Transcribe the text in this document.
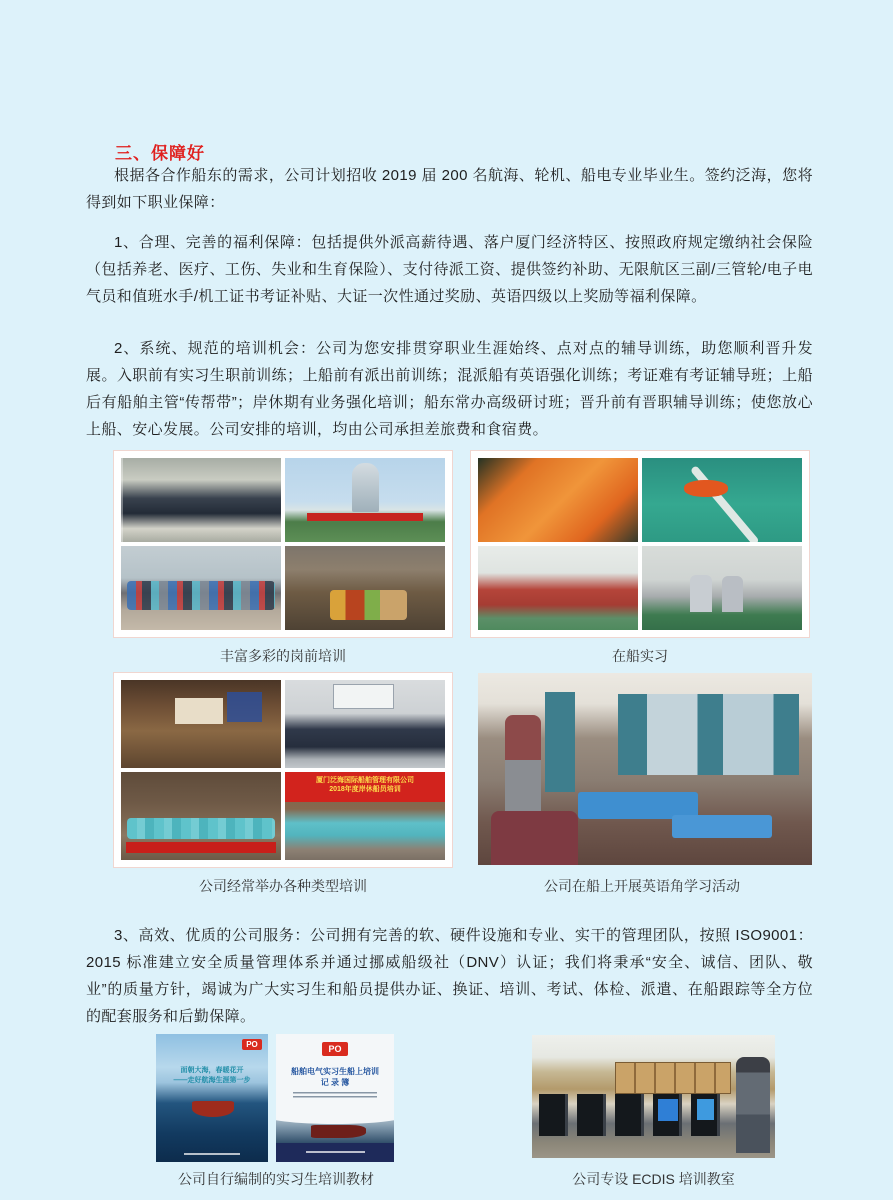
三、保障好

根据各合作船东的需求，公司计划招收 2019 届 200 名航海、轮机、船电专业毕业生。签约泛海，您将得到如下职业保障：

1、合理、完善的福利保障：包括提供外派高薪待遇、落户厦门经济特区、按照政府规定缴纳社会保险（包括养老、医疗、工伤、失业和生育保险）、支付待派工资、提供签约补助、无限航区三副/三管轮/电子电气员和值班水手/机工证书考证补贴、大证一次性通过奖励、英语四级以上奖励等福利保障。

2、系统、规范的培训机会：公司为您安排贯穿职业生涯始终、点对点的辅导训练，助您顺利晋升发展。入职前有实习生职前训练；上船前有派出前训练；混派船有英语强化训练；考证难有考证辅导班；上船后有船舶主管“传帮带”；岸休期有业务强化培训；船东常办高级研讨班；晋升前有晋职辅导训练；使您放心上船、安心发展。公司安排的培训，均由公司承担差旅费和食宿费。

3、高效、优质的公司服务：公司拥有完善的软、硬件设施和专业、实干的管理团队，按照 ISO9001：2015 标准建立安全质量管理体系并通过挪威船级社（DNV）认证；我们将秉承“安全、诚信、团队、敬业”的质量方针，竭诚为广大实习生和船员提供办证、换证、培训、考试、体检、派遣、在船跟踪等全方位的配套服务和后勤保障。

丰富多彩的岗前培训	在船实习
厦门泛海国际船舶管理有限公司
2018年度岸休船员培训
公司经常举办各种类型培训	公司在船上开展英语角学习活动
PO
面朝大海，春暖花开
——走好航海生涯第一步
PO
船舶电气实习生船上培训
记 录 簿
公司自行编制的实习生培训教材	公司专设 ECDIS 培训教室
